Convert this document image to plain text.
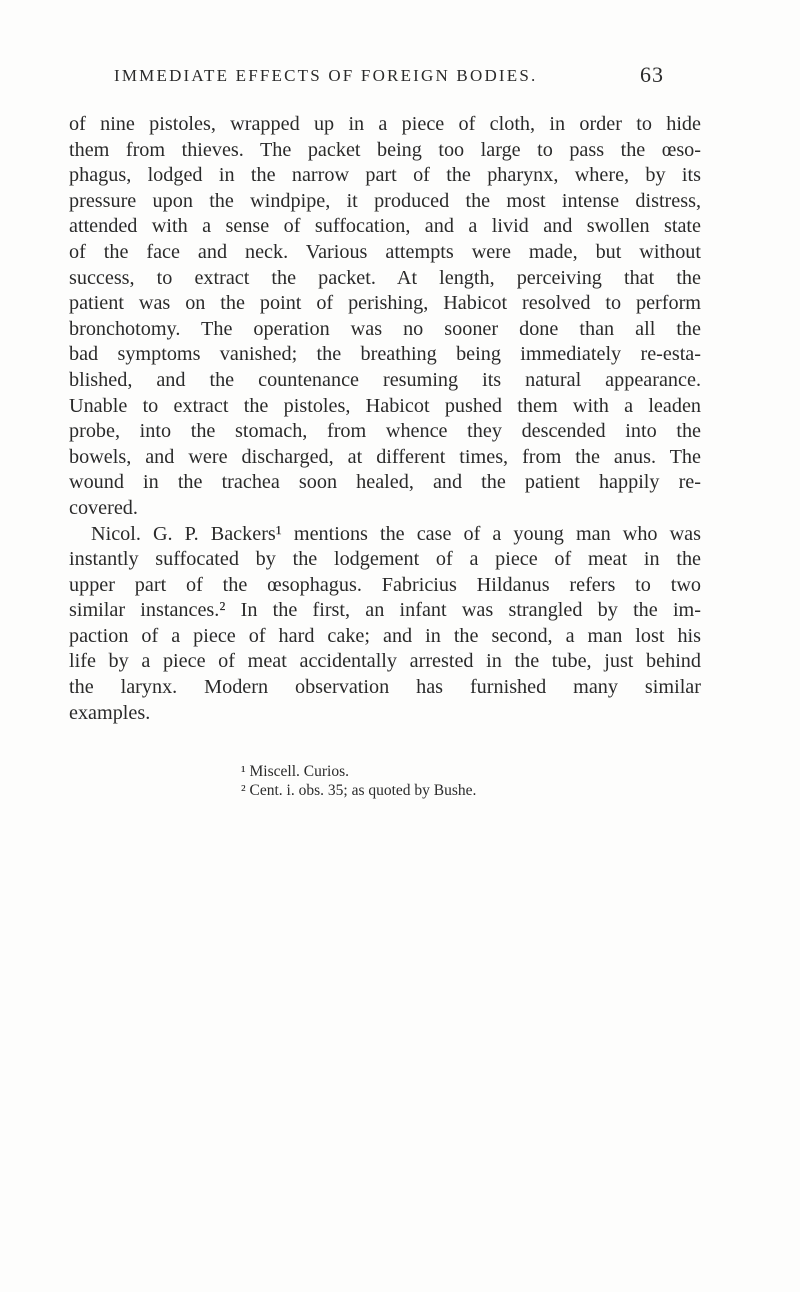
IMMEDIATE EFFECTS OF FOREIGN BODIES.	63
of nine pistoles, wrapped up in a piece of cloth, in order to hide
them from thieves. The packet being too large to pass the œso-
phagus, lodged in the narrow part of the pharynx, where, by its
pressure upon the windpipe, it produced the most intense distress,
attended with a sense of suffocation, and a livid and swollen state
of the face and neck. Various attempts were made, but without
success, to extract the packet. At length, perceiving that the
patient was on the point of perishing, Habicot resolved to perform
bronchotomy. The operation was no sooner done than all the
bad symptoms vanished; the breathing being immediately re-esta-
blished, and the countenance resuming its natural appearance.
Unable to extract the pistoles, Habicot pushed them with a leaden
probe, into the stomach, from whence they descended into the
bowels, and were discharged, at different times, from the anus. The
wound in the trachea soon healed, and the patient happily re-
covered.
Nicol. G. P. Backers¹ mentions the case of a young man who was
instantly suffocated by the lodgement of a piece of meat in the
upper part of the œsophagus. Fabricius Hildanus refers to two
similar instances.² In the first, an infant was strangled by the im-
paction of a piece of hard cake; and in the second, a man lost his
life by a piece of meat accidentally arrested in the tube, just behind
the larynx. Modern observation has furnished many similar
examples.
¹ Miscell. Curios.
² Cent. i. obs. 35; as quoted by Bushe.
